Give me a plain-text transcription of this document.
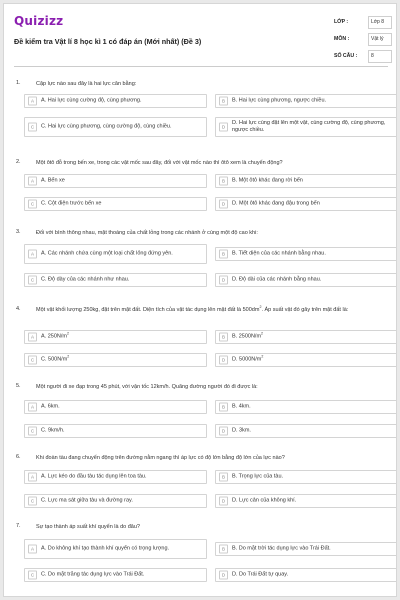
Quizizz
Đề kiểm tra Vật lí 8 học kì 1 có đáp án (Mới nhất) (Đề 3)
LỚP :	Lớp 8
MÔN :	Vật lý
SỐ CÂU :	8
1.	Cặp lực nào sau đây là hai lực cân bằng:
A	A. Hai lực cùng cường độ, cùng phương.	B	B. Hai lực cùng phương, ngược chiều.
C	C. Hai lực cùng phương, cùng cường độ, cùng chiều.	D
D. Hai lực cùng đặt lên một vật, cùng cường độ, cùng phương, ngược chiều.
2.	Một ôtô đỗ trong bến xe, trong các vật mốc sau đây, đối với vật mốc nào thì ôtô xem là chuyển động?
A	A. Bến xe	B	B. Một ôtô khác đang rời bến
C	C. Cột điện trước bến xe	D	D. Một ôtô khác đang đậu trong bến
3.	Đối với bình thông nhau, mặt thoáng của chất lỏng trong các nhánh ở cùng một độ cao khi:
A	A. Các nhánh chứa cùng một loại chất lỏng đứng yên.	B	B. Tiết diện của các nhánh bằng nhau.
C	C. Độ dày của các nhánh như nhau.	D	D. Độ dài của các nhánh bằng nhau.
4.	Một vật khối lượng 250kg, đặt trên mặt đất. Diện tích của vật tác dụng lên mặt đất là $500dm^2$. Áp suất vật đó gây trên mặt đất là:
A	A. $250N/m^2$
B	B. $2500N/m^2$
C	C. $500N/m^2$
D	D. $5000N/m^2$
5.	Một người đi xe đạp trong 45 phút, với vận tốc 12km/h. Quãng đường người đó đi được là:
A	A. 6km.	B	B. 4km.
C	C. 9km/h.	D	D. 3km.
6.	Khi đoàn tàu đang chuyển động trên đường nằm ngang thì áp lực có độ lớn bằng độ lớn của lực nào?
A	A. Lực kéo do đầu tàu tác dụng lên toa tàu.	B	B. Trọng lực của tàu.
C	C. Lực ma sát giữa tàu và đường ray.	D	D. Lực cản của không khí.
7.	Sự tạo thành áp suất khí quyển là do đâu?
A	A. Do không khí tạo thành khí quyển có trọng lượng.	B	B. Do mặt trời tác dụng lực vào Trái Đất.
C	C. Do mặt trăng tác dụng lực vào Trái Đất.	D	D. Do Trái Đất tự quay.
